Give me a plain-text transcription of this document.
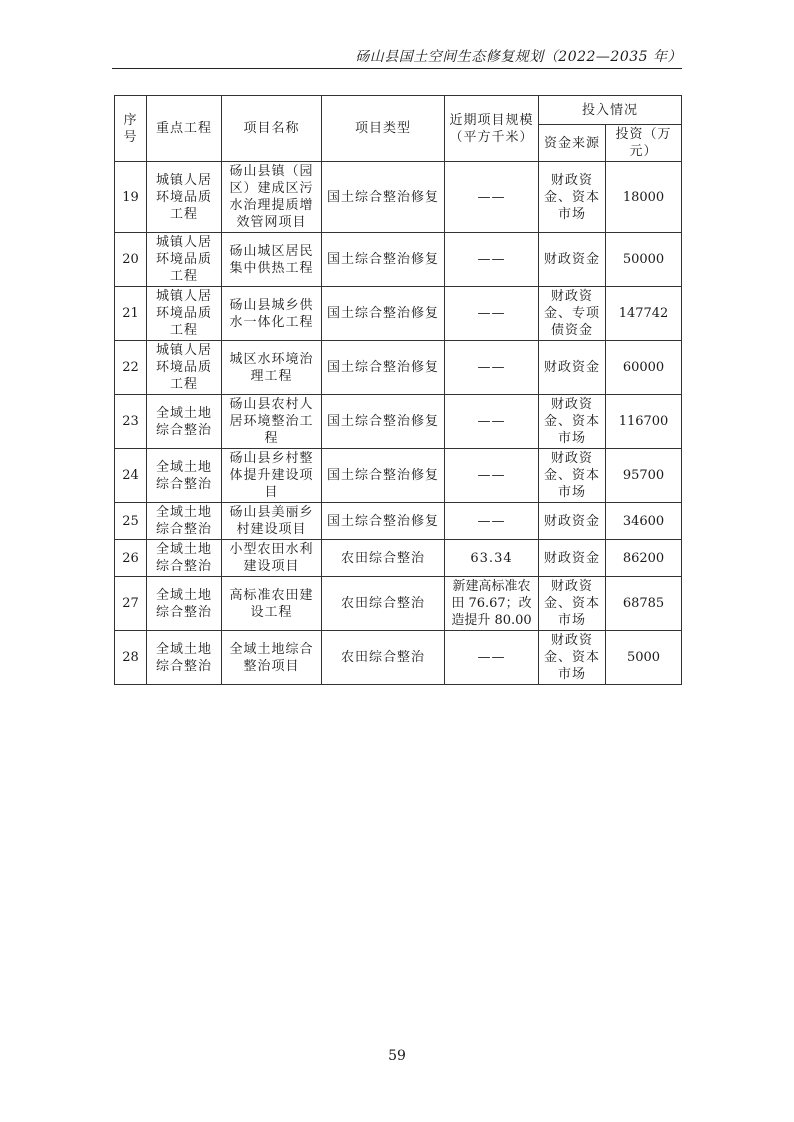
砀山县国土空间生态修复规划（2022—2035 年）
序号	重点工程	项目名称	项目类型	近期项目规模（平方千米）	投入情况	
					资金来源	投资（万元）
19	城镇人居环境品质工程	砀山县镇（园区）建成区污水治理提质增效管网项目	国土综合整治修复	——	财政资金、资本市场	18000
20	城镇人居环境品质工程	砀山城区居民集中供热工程	国土综合整治修复	——	财政资金	50000
21	城镇人居环境品质工程	砀山县城乡供水一体化工程	国土综合整治修复	——	财政资金、专项债资金	147742
22	城镇人居环境品质工程	城区水环境治理工程	国土综合整治修复	——	财政资金	60000
23	全域土地综合整治	砀山县农村人居环境整治工程	国土综合整治修复	——	财政资金、资本市场	116700
24	全域土地综合整治	砀山县乡村整体提升建设项目	国土综合整治修复	——	财政资金、资本市场	95700
25	全域土地综合整治	砀山县美丽乡村建设项目	国土综合整治修复	——	财政资金	34600
26	全域土地综合整治	小型农田水利建设项目	农田综合整治	63.34	财政资金	86200
27	全域土地综合整治	高标准农田建设工程	农田综合整治	新建高标准农田 76.67；改造提升 80.00	财政资金、资本市场	68785
28	全域土地综合整治	全域土地综合整治项目	农田综合整治	——	财政资金、资本市场	5000
59
